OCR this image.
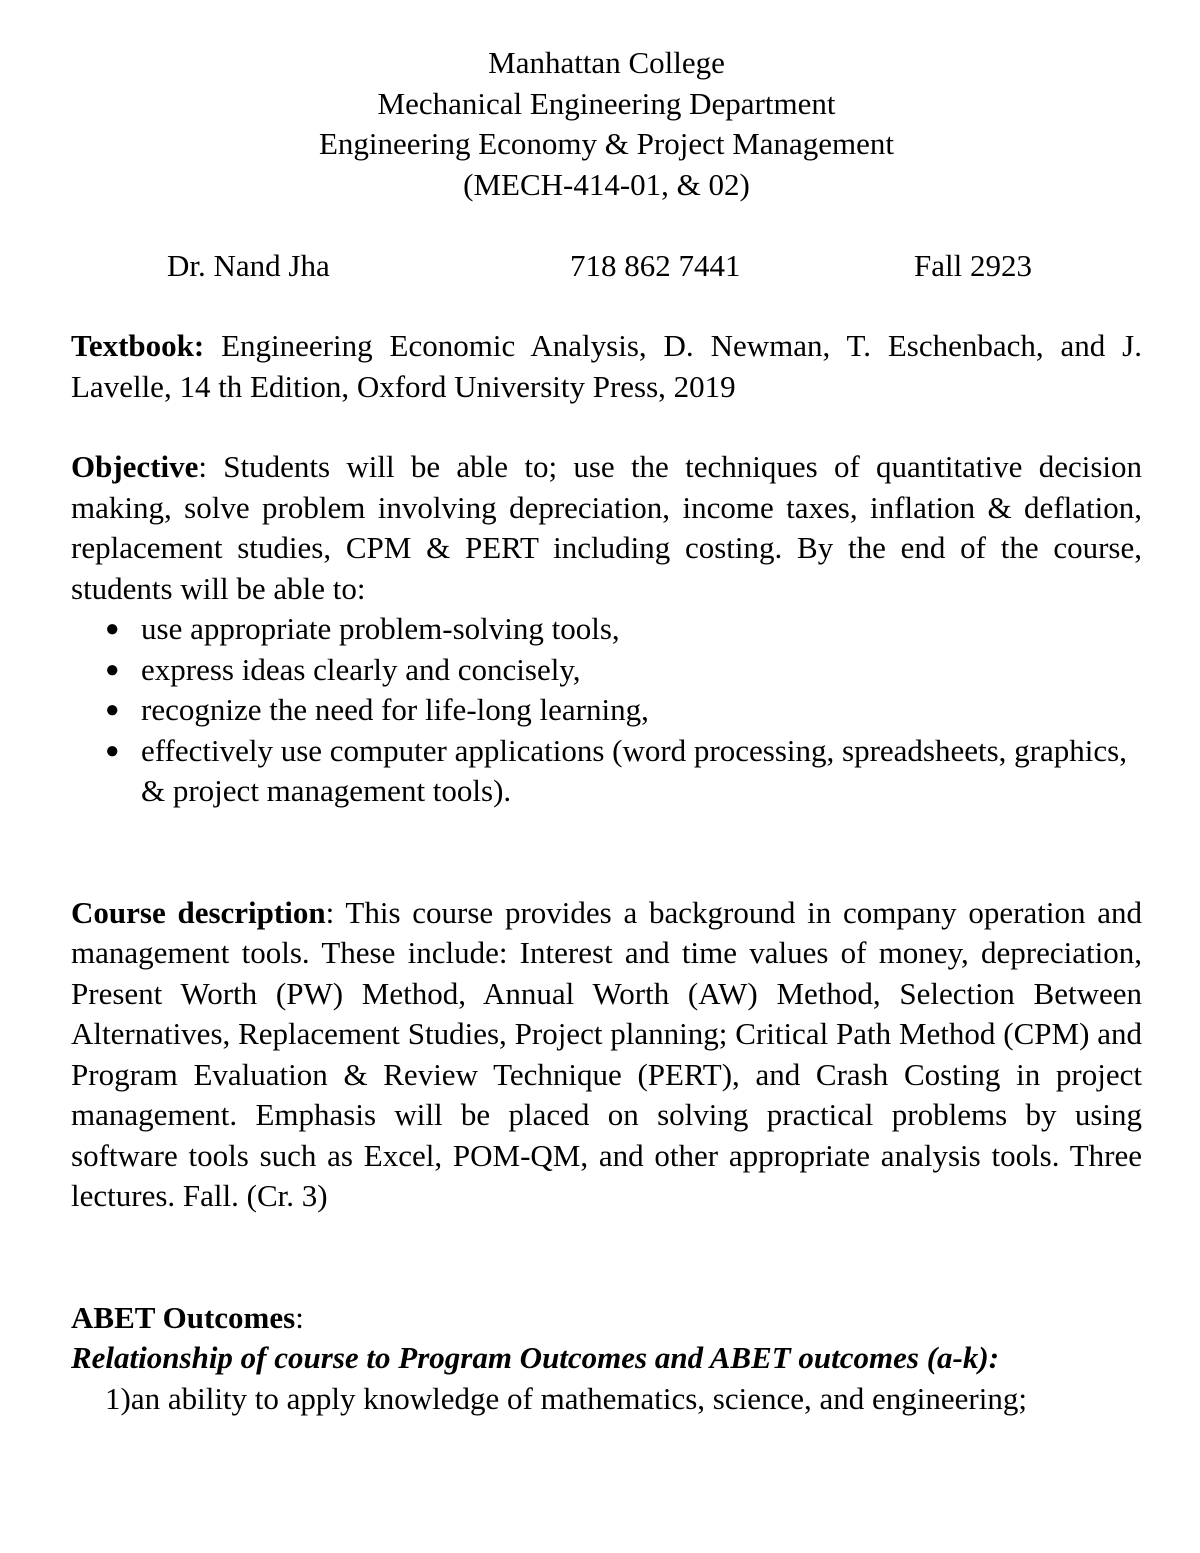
Manhattan College
Mechanical Engineering Department
Engineering Economy & Project Management
(MECH-414-01, & 02)
Dr. Nand Jha	718 862 7441	Fall 2923

Textbook: Engineering Economic Analysis, D. Newman, T. Eschenbach, and J. Lavelle, 14 th Edition, Oxford University Press, 2019

Objective: Students will be able to; use the techniques of quantitative decision making, solve problem involving depreciation, income taxes, inflation & deflation, replacement studies, CPM & PERT including costing. By the end of the course, students will be able to:

● use appropriate problem-solving tools,
● express ideas clearly and concisely,
● recognize the need for life-long learning,
● effectively use computer applications (word processing, spreadsheets, graphics, & project management tools).

Course description: This course provides a background in company operation and management tools. These include: Interest and time values of money, depreciation, Present Worth (PW) Method, Annual Worth (AW) Method, Selection Between Alternatives, Replacement Studies, Project planning; Critical Path Method (CPM) and Program Evaluation & Review Technique (PERT), and Crash Costing in project management. Emphasis will be placed on solving practical problems by using software tools such as Excel, POM-QM, and other appropriate analysis tools. Three lectures. Fall. (Cr. 3)

ABET Outcomes:

Relationship of course to Program Outcomes and ABET outcomes (a-k):

1)an ability to apply knowledge of mathematics, science, and engineering;
